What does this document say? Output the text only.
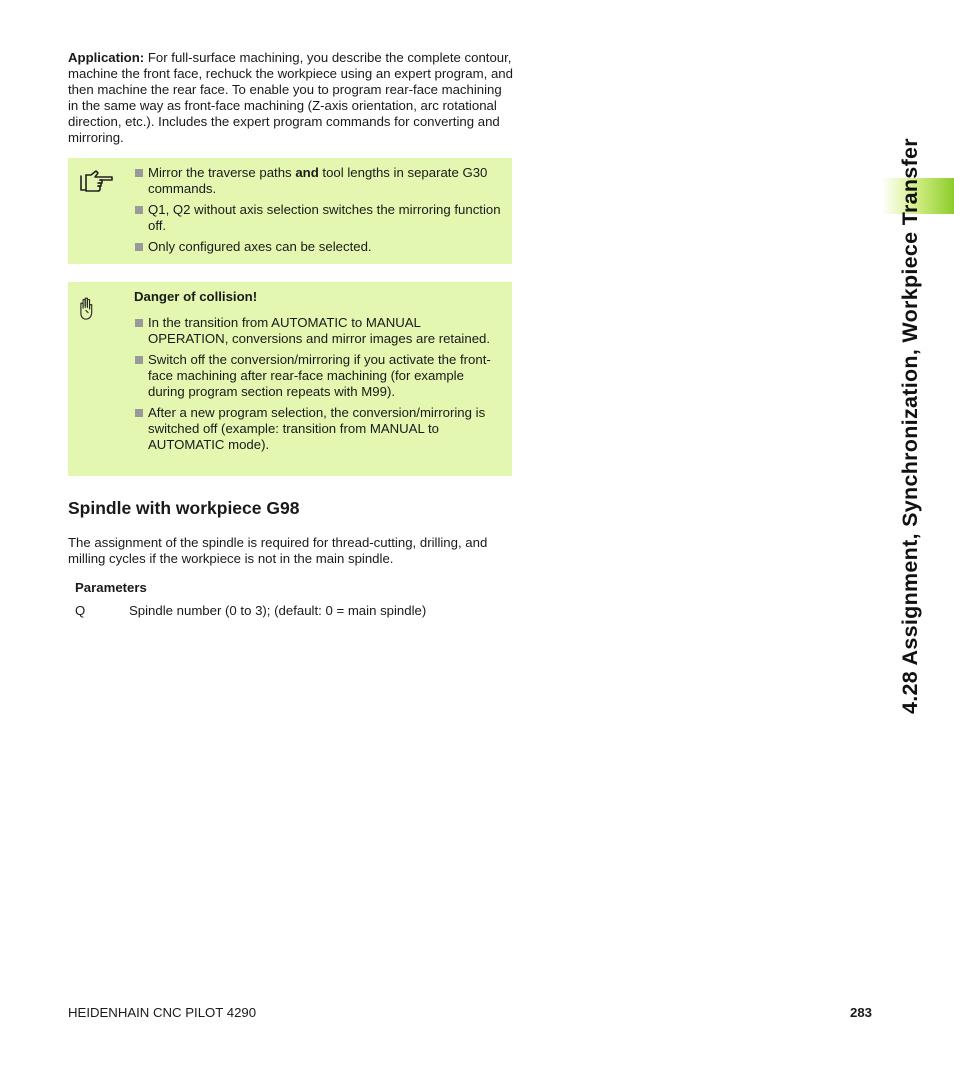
Application: For full-surface machining, you describe the complete contour, machine the front face, rechuck the workpiece using an expert program, and then machine the rear face. To enable you to program rear-face machining in the same way as front-face machining (Z-axis orientation, arc rotational direction, etc.). Includes the expert program commands for converting and mirroring.

Mirror the traverse paths and tool lengths in separate G30 commands.
Q1, Q2 without axis selection switches the mirroring function off.
Only configured axes can be selected.

Danger of collision!

In the transition from AUTOMATIC to MANUAL OPERATION, conversions and mirror images are retained.
Switch off the conversion/mirroring if you activate the front-face machining after rear-face machining (for example during program section repeats with M99).
After a new program selection, the conversion/mirroring is switched off (example: transition from MANUAL to AUTOMATIC mode).
Spindle with workpiece G98

The assignment of the spindle is required for thread-cutting, drilling, and milling cycles if the workpiece is not in the main spindle.

Parameters

Q	Spindle number (0 to 3); (default: 0 = main spindle)
HEIDENHAIN CNC PILOT 4290	283
4.28 Assignment, Synchronization, Workpiece Transfer
